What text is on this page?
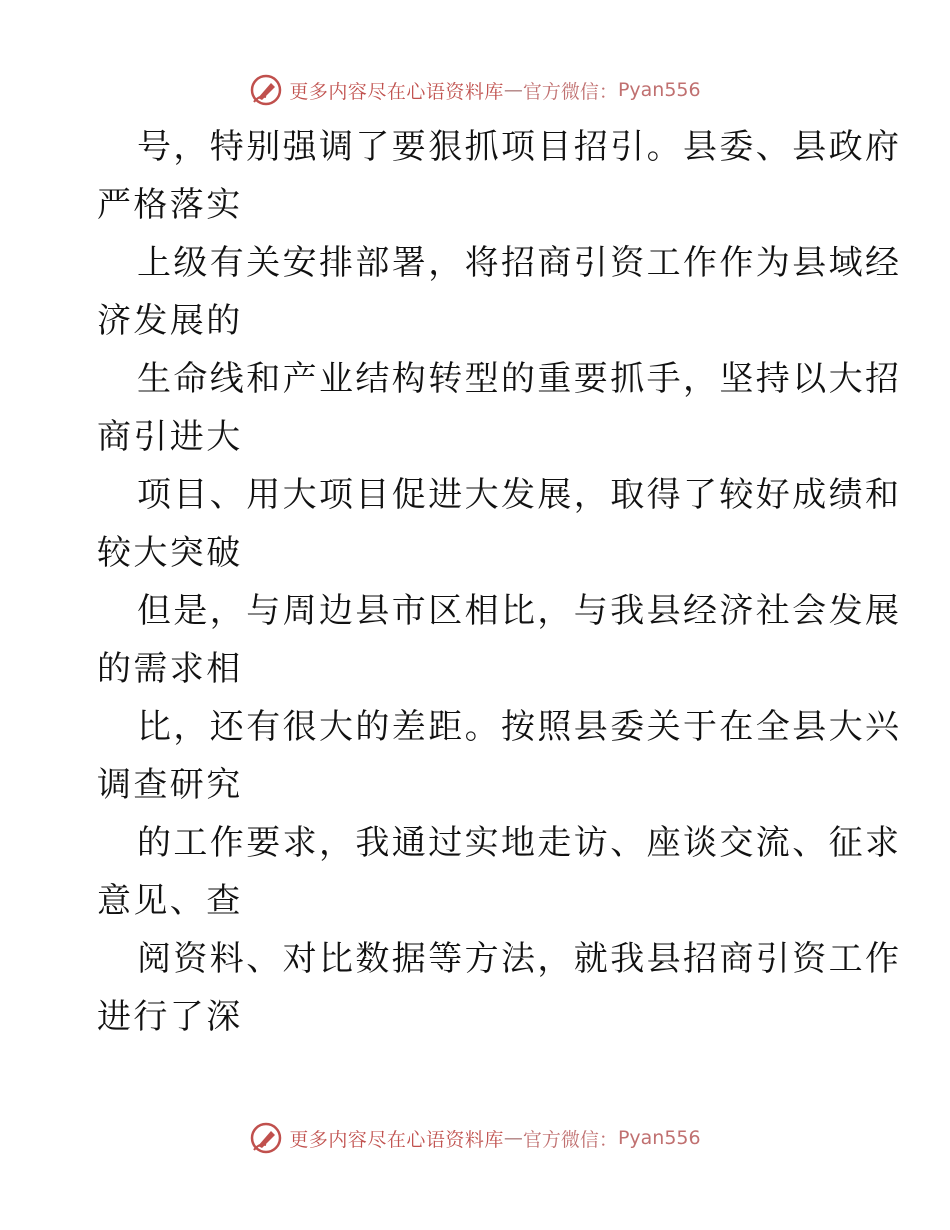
更多内容尽在心语资料库 — 官方微信： Pyan556
号，特别强调了要狠抓项目招引。县委、县政府
严格落实
上级有关安排部署，将招商引资工作作为县域经
济发展的
生命线和产业结构转型的重要抓手，坚持以大招
商引进大
项目、用大项目促进大发展，取得了较好成绩和
较大突破
但是，与周边县市区相比，与我县经济社会发展
的需求相
比，还有很大的差距。按照县委关于在全县大兴
调查研究
的工作要求，我通过实地走访、座谈交流、征求
意见、查
阅资料、对比数据等方法，就我县招商引资工作
进行了深
更多内容尽在心语资料库 — 官方微信： Pyan556
